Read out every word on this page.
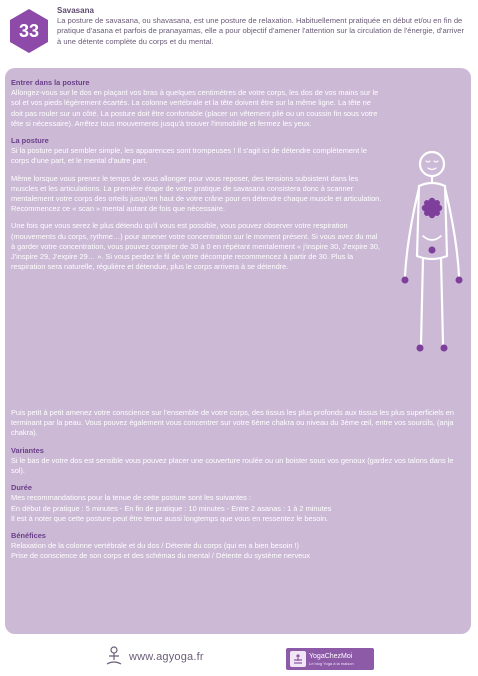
33
Savasana
La posture de savasana, ou shavasana, est une posture de relaxation. Habituellement pratiquée en début et/ou en fin de pratique d'asana et parfois de pranayamas, elle a pour objectif d'amener l'attention sur la circulation de l'énergie, d'arriver à une détente complète du corps et du mental.

Entrer dans la posture

Allongez-vous sur le dos en plaçant vos bras à quelques centimètres de votre corps, les dos de vos mains sur le sol et vos pieds légèrement écartés. La colonne vertébrale et la tête doivent être sur la même ligne. La tête ne doit pas rouler sur un côté. La posture doit être confortable (placer un vêtement plié ou un coussin fin sous votre tête si nécessaire). Arrêtez tous mouvements jusqu'à trouver l'immobilité et fermez les yeux.

La posture

Si la posture peut sembler simple, les apparences sont trompeuses ! Il s'agit ici de détendre complètement le corps d'une part, et le mental d'autre part.

Même lorsque vous prenez le temps de vous allonger pour vous reposer, des tensions subsistent dans les muscles et les articulations. La première étape de votre pratique de savasana consistera donc à scanner mentalement votre corps des orteils jusqu'en haut de votre crâne pour en détendre chaque muscle et articulation. Recommencez ce « scan » mental autant de fois que nécessaire.

Une fois que vous serez le plus détendu qu'il vous est possible, vous pouvez observer votre respiration (mouvements du corps, rythme…) pour amener votre concentration sur le moment présent. Si vous avez du mal à garder votre concentration, vous pouvez compter de 30 à 0 en répétant mentalement « j'inspire 30, J'expire 30, J'inspire 29, J'expire 29… ». Si vous perdez le fil de votre décompte recommencez à partir de 30. Plus la respiration sera naturelle, régulière et détendue, plus le corps arrivera à se détendre.

Puis petit à petit amenez votre conscience sur l'ensemble de votre corps, des tissus les plus profonds aux tissus les plus superficiels en terminant par la peau. Vous pouvez également vous concentrer sur votre 6ème chakra ou niveau du 3ème œil, entre vos sourcils, (anja chakra).

Variantes

Si le bas de votre dos est sensible vous pouvez placer une couverture roulée ou un boister sous vos genoux (gardez vos talons dans le sol).

Durée

Mes recommandations pour la tenue de cette posture sont les suivantes :

En début de pratique : 5 minutes - En fin de pratique : 10 minutes - Entre 2 asanas : 1 à 2 minutes

Il est à noter que cette posture peut être tenue aussi longtemps que vous en ressentez le besoin.

Bénéfices

Relaxation de la colonne vertébrale et du dos / Détente du corps (qui en a bien besoin !)

Prise de conscience de son corps et des schémas du mental / Détente du système nerveux

www.agyoga.fr	YogaChezMoi
Le blog Yoga à la maison
